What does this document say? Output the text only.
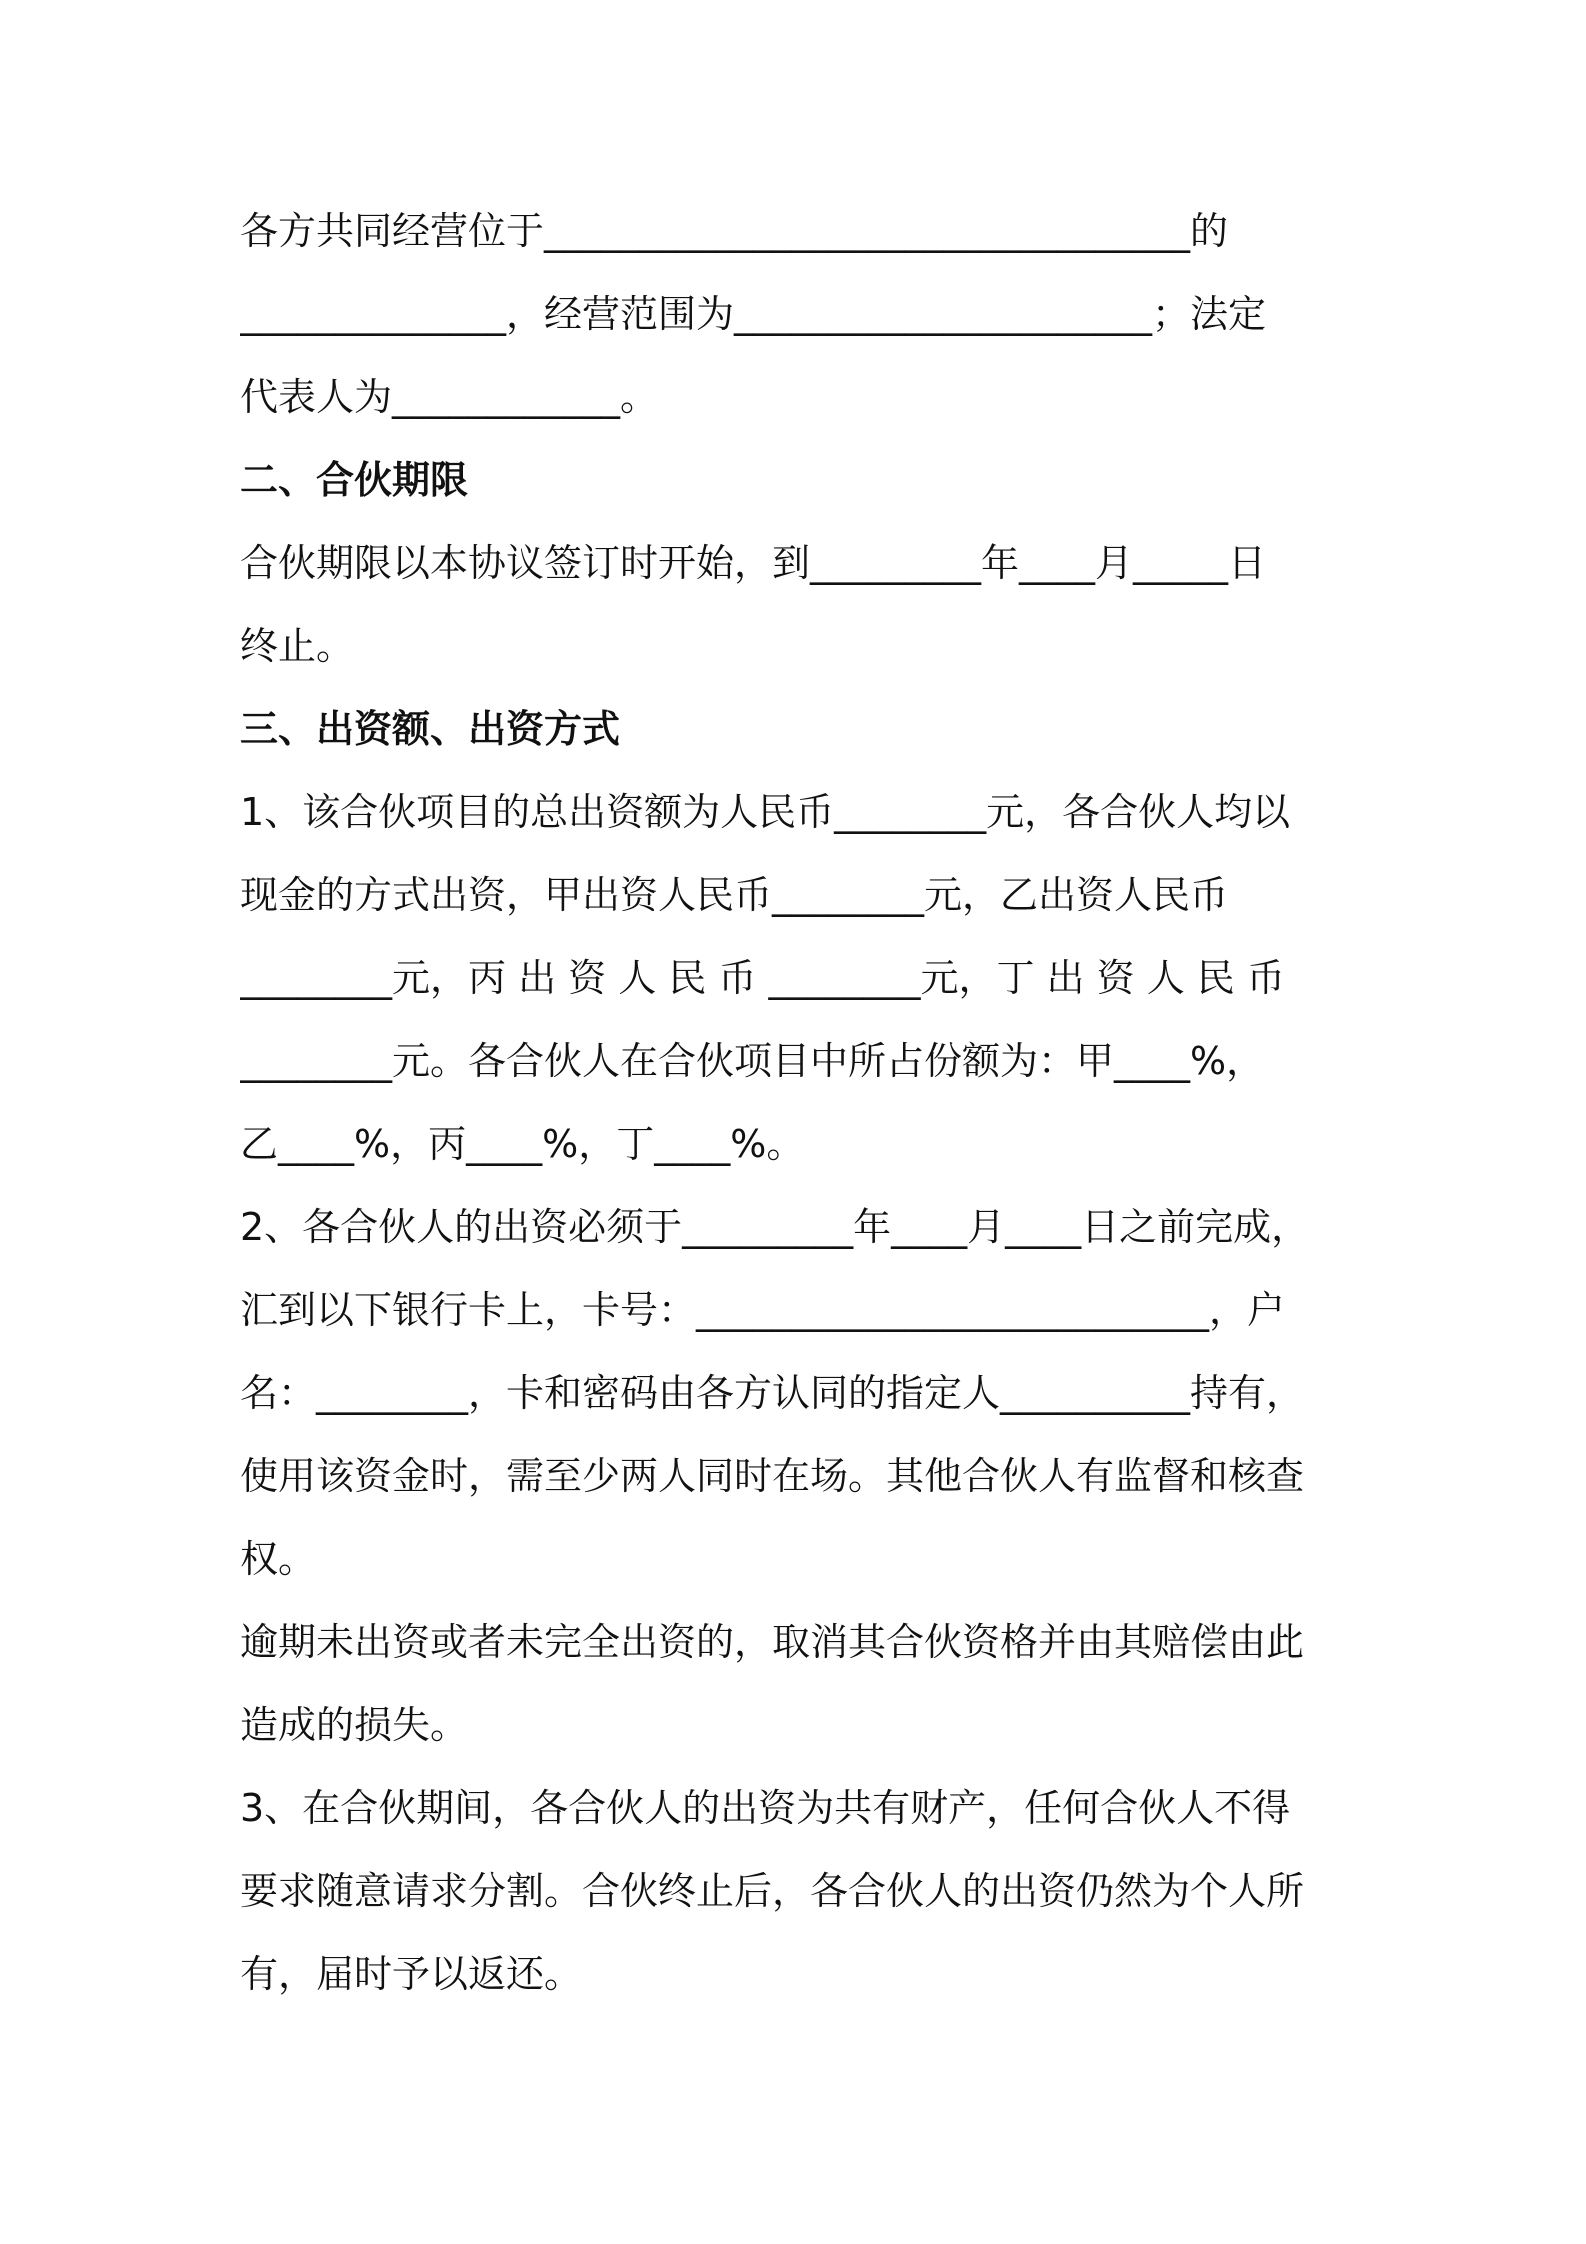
各方共同经营位于__________________________________的
______________，经营范围为______________________；法定
代表人为____________。
二、合伙期限
合伙期限以本协议签订时开始，到_________年____月_____日
终止。
三、出资额、出资方式
1、该合伙项目的总出资额为人民币________元，各合伙人均以
现金的方式出资，甲出资人民币________元，乙出资人民币
________元，丙 出 资 人 民 币 ________元，丁 出 资 人 民 币
________元。各合伙人在合伙项目中所占份额为：甲____%，
乙____%，丙____%，丁____%。
2、各合伙人的出资必须于_________年____月____日之前完成，
汇到以下银行卡上，卡号：___________________________，户
名：________，卡和密码由各方认同的指定人__________持有，
使用该资金时，需至少两人同时在场。其他合伙人有监督和核查
权。
逾期未出资或者未完全出资的，取消其合伙资格并由其赔偿由此
造成的损失。
3、在合伙期间，各合伙人的出资为共有财产，任何合伙人不得
要求随意请求分割。合伙终止后，各合伙人的出资仍然为个人所
有，届时予以返还。
